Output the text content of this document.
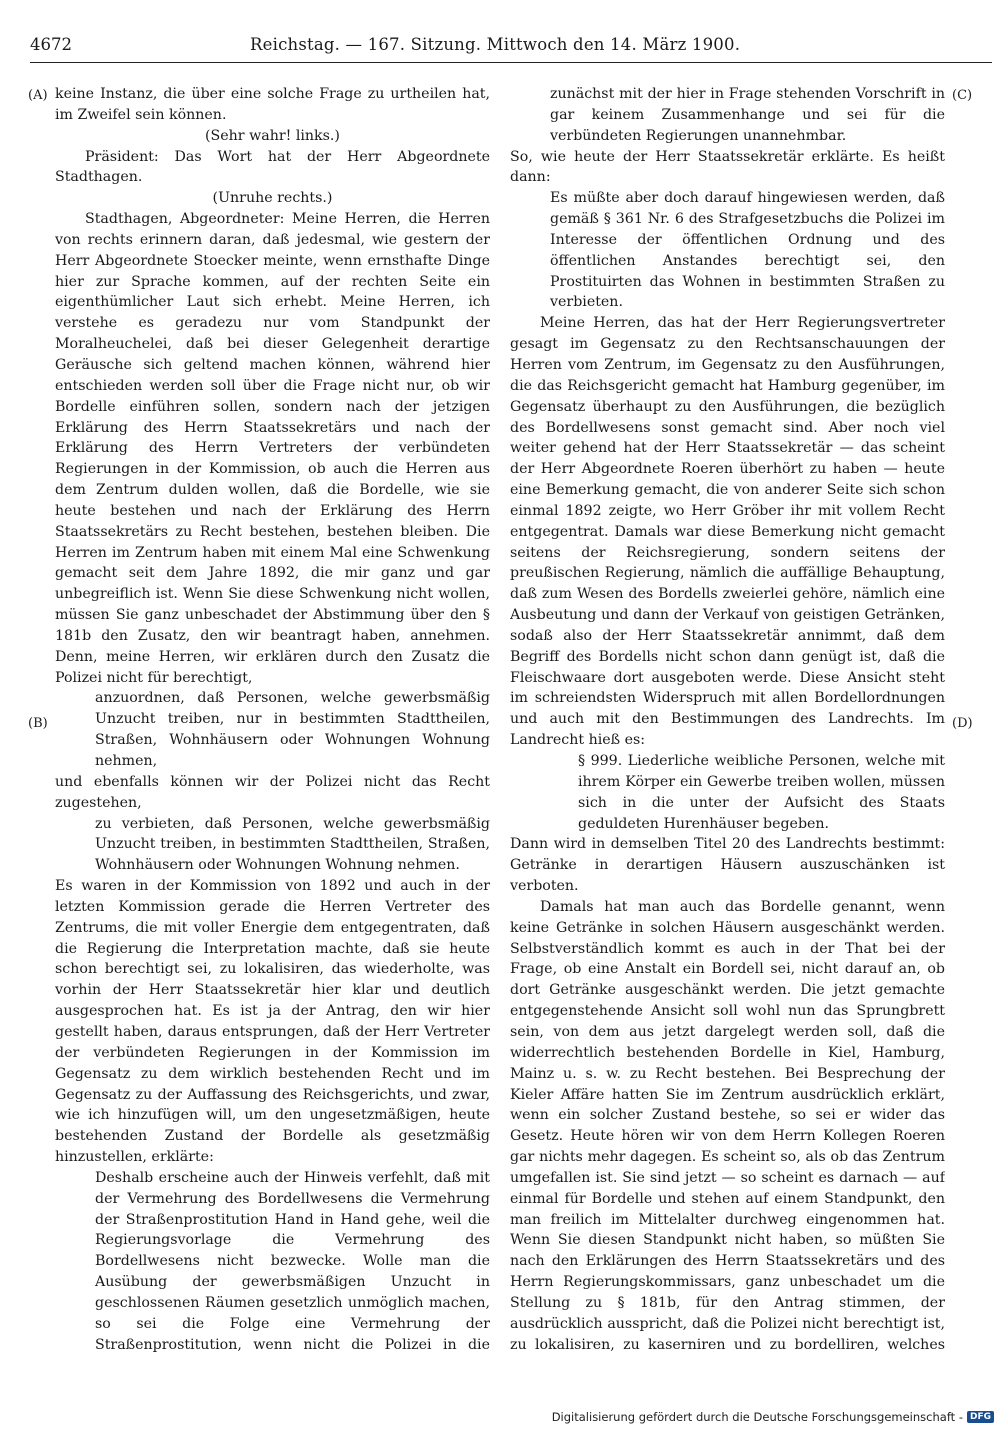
4672	Reichstag. — 167. Sitzung. Mittwoch den 14. März 1900.
(A)
(B)
(C)
(D)

keine Instanz, die über eine solche Frage zu urtheilen hat, im Zweifel sein können.

(Sehr wahr! links.)

Präsident: Das Wort hat der Herr Abgeordnete Stadthagen.

(Unruhe rechts.)

Stadthagen, Abgeordneter: Meine Herren, die Herren von rechts erinnern daran, daß jedesmal, wie gestern der Herr Abgeordnete Stoecker meinte, wenn ernsthafte Dinge hier zur Sprache kommen, auf der rechten Seite ein eigenthümlicher Laut sich erhebt. Meine Herren, ich verstehe es geradezu nur vom Standpunkt der Moralheuchelei, daß bei dieser Gelegenheit derartige Geräusche sich geltend machen können, während hier entschieden werden soll über die Frage nicht nur, ob wir Bordelle einführen sollen, sondern nach der jetzigen Erklärung des Herrn Staatssekretärs und nach der Erklärung des Herrn Vertreters der verbündeten Regierungen in der Kommission, ob auch die Herren aus dem Zentrum dulden wollen, daß die Bordelle, wie sie heute bestehen und nach der Erklärung des Herrn Staatssekretärs zu Recht bestehen, bestehen bleiben. Die Herren im Zentrum haben mit einem Mal eine Schwenkung gemacht seit dem Jahre 1892, die mir ganz und gar unbegreiflich ist. Wenn Sie diese Schwenkung nicht wollen, müssen Sie ganz unbeschadet der Abstimmung über den § 181b den Zusatz, den wir beantragt haben, annehmen. Denn, meine Herren, wir erklären durch den Zusatz die Polizei nicht für berechtigt,

anzuordnen, daß Personen, welche gewerbsmäßig Unzucht treiben, nur in bestimmten Stadttheilen, Straßen, Wohnhäusern oder Wohnungen Wohnung nehmen,

und ebenfalls können wir der Polizei nicht das Recht zugestehen,

zu verbieten, daß Personen, welche gewerbsmäßig Unzucht treiben, in bestimmten Stadttheilen, Straßen, Wohnhäusern oder Wohnungen Wohnung nehmen.

Es waren in der Kommission von 1892 und auch in der letzten Kommission gerade die Herren Vertreter des Zentrums, die mit voller Energie dem entgegentraten, daß die Regierung die Interpretation machte, daß sie heute schon berechtigt sei, zu lokalisiren, das wiederholte, was vorhin der Herr Staatssekretär hier klar und deutlich ausgesprochen hat. Es ist ja der Antrag, den wir hier gestellt haben, daraus entsprungen, daß der Herr Vertreter der verbündeten Regierungen in der Kommission im Gegensatz zu dem wirklich bestehenden Recht und im Gegensatz zu der Auffassung des Reichsgerichts, und zwar, wie ich hinzufügen will, um den ungesetzmäßigen, heute bestehenden Zustand der Bordelle als gesetzmäßig hinzustellen, erklärte:

Deshalb erscheine auch der Hinweis verfehlt, daß mit der Vermehrung des Bordellwesens die Vermehrung der Straßenprostitution Hand in Hand gehe, weil die Regierungsvorlage die Vermehrung des Bordellwesens nicht bezwecke. Wolle man die Ausübung der gewerbsmäßigen Unzucht in geschlossenen Räumen gesetzlich unmöglich machen, so sei die Folge eine Vermehrung der Straßenprostitution, wenn nicht die Polizei in die

zunächst mit der hier in Frage stehenden Vorschrift in gar keinem Zusammenhange und sei für die verbündeten Regierungen unannehmbar.

So, wie heute der Herr Staatssekretär erklärte. Es heißt dann:

Es müßte aber doch darauf hingewiesen werden, daß gemäß § 361 Nr. 6 des Strafgesetzbuchs die Polizei im Interesse der öffentlichen Ordnung und des öffentlichen Anstandes berechtigt sei, den Prostituirten das Wohnen in bestimmten Straßen zu verbieten.

Meine Herren, das hat der Herr Regierungsvertreter gesagt im Gegensatz zu den Rechtsanschauungen der Herren vom Zentrum, im Gegensatz zu den Ausführungen, die das Reichsgericht gemacht hat Hamburg gegenüber, im Gegensatz überhaupt zu den Ausführungen, die bezüglich des Bordellwesens sonst gemacht sind. Aber noch viel weiter gehend hat der Herr Staatssekretär — das scheint der Herr Abgeordnete Roeren überhört zu haben — heute eine Bemerkung gemacht, die von anderer Seite sich schon einmal 1892 zeigte, wo Herr Gröber ihr mit vollem Recht entgegentrat. Damals war diese Bemerkung nicht gemacht seitens der Reichsregierung, sondern seitens der preußischen Regierung, nämlich die auffällige Behauptung, daß zum Wesen des Bordells zweierlei gehöre, nämlich eine Ausbeutung und dann der Verkauf von geistigen Getränken, sodaß also der Herr Staatssekretär annimmt, daß dem Begriff des Bordells nicht schon dann genügt ist, daß die Fleischwaare dort ausgeboten werde. Diese Ansicht steht im schreiendsten Widerspruch mit allen Bordellordnungen und auch mit den Bestimmungen des Landrechts. Im Landrecht hieß es:

§ 999. Liederliche weibliche Personen, welche mit ihrem Körper ein Gewerbe treiben wollen, müssen sich in die unter der Aufsicht des Staats geduldeten Hurenhäuser begeben.

Dann wird in demselben Titel 20 des Landrechts bestimmt: Getränke in derartigen Häusern auszuschänken ist verboten.

Damals hat man auch das Bordelle genannt, wenn keine Getränke in solchen Häusern ausgeschänkt werden. Selbstverständlich kommt es auch in der That bei der Frage, ob eine Anstalt ein Bordell sei, nicht darauf an, ob dort Getränke ausgeschänkt werden. Die jetzt gemachte entgegenstehende Ansicht soll wohl nun das Sprungbrett sein, von dem aus jetzt dargelegt werden soll, daß die widerrechtlich bestehenden Bordelle in Kiel, Hamburg, Mainz u. s. w. zu Recht bestehen. Bei Besprechung der Kieler Affäre hatten Sie im Zentrum ausdrücklich erklärt, wenn ein solcher Zustand bestehe, so sei er wider das Gesetz. Heute hören wir von dem Herrn Kollegen Roeren gar nichts mehr dagegen. Es scheint so, als ob das Zentrum umgefallen ist. Sie sind jetzt — so scheint es darnach — auf einmal für Bordelle und stehen auf einem Standpunkt, den man freilich im Mittelalter durchweg eingenommen hat. Wenn Sie diesen Standpunkt nicht haben, so müßten Sie nach den Erklärungen des Herrn Staatssekretärs und des Herrn Regierungskommissars, ganz unbeschadet um die Stellung zu § 181b, für den Antrag stimmen, der ausdrücklich ausspricht, daß die Polizei nicht berechtigt ist, zu lokalisiren, zu kaserniren und zu bordelliren, welches

Digitalisierung gefördert durch die Deutsche Forschungsgemeinschaft - DFG
